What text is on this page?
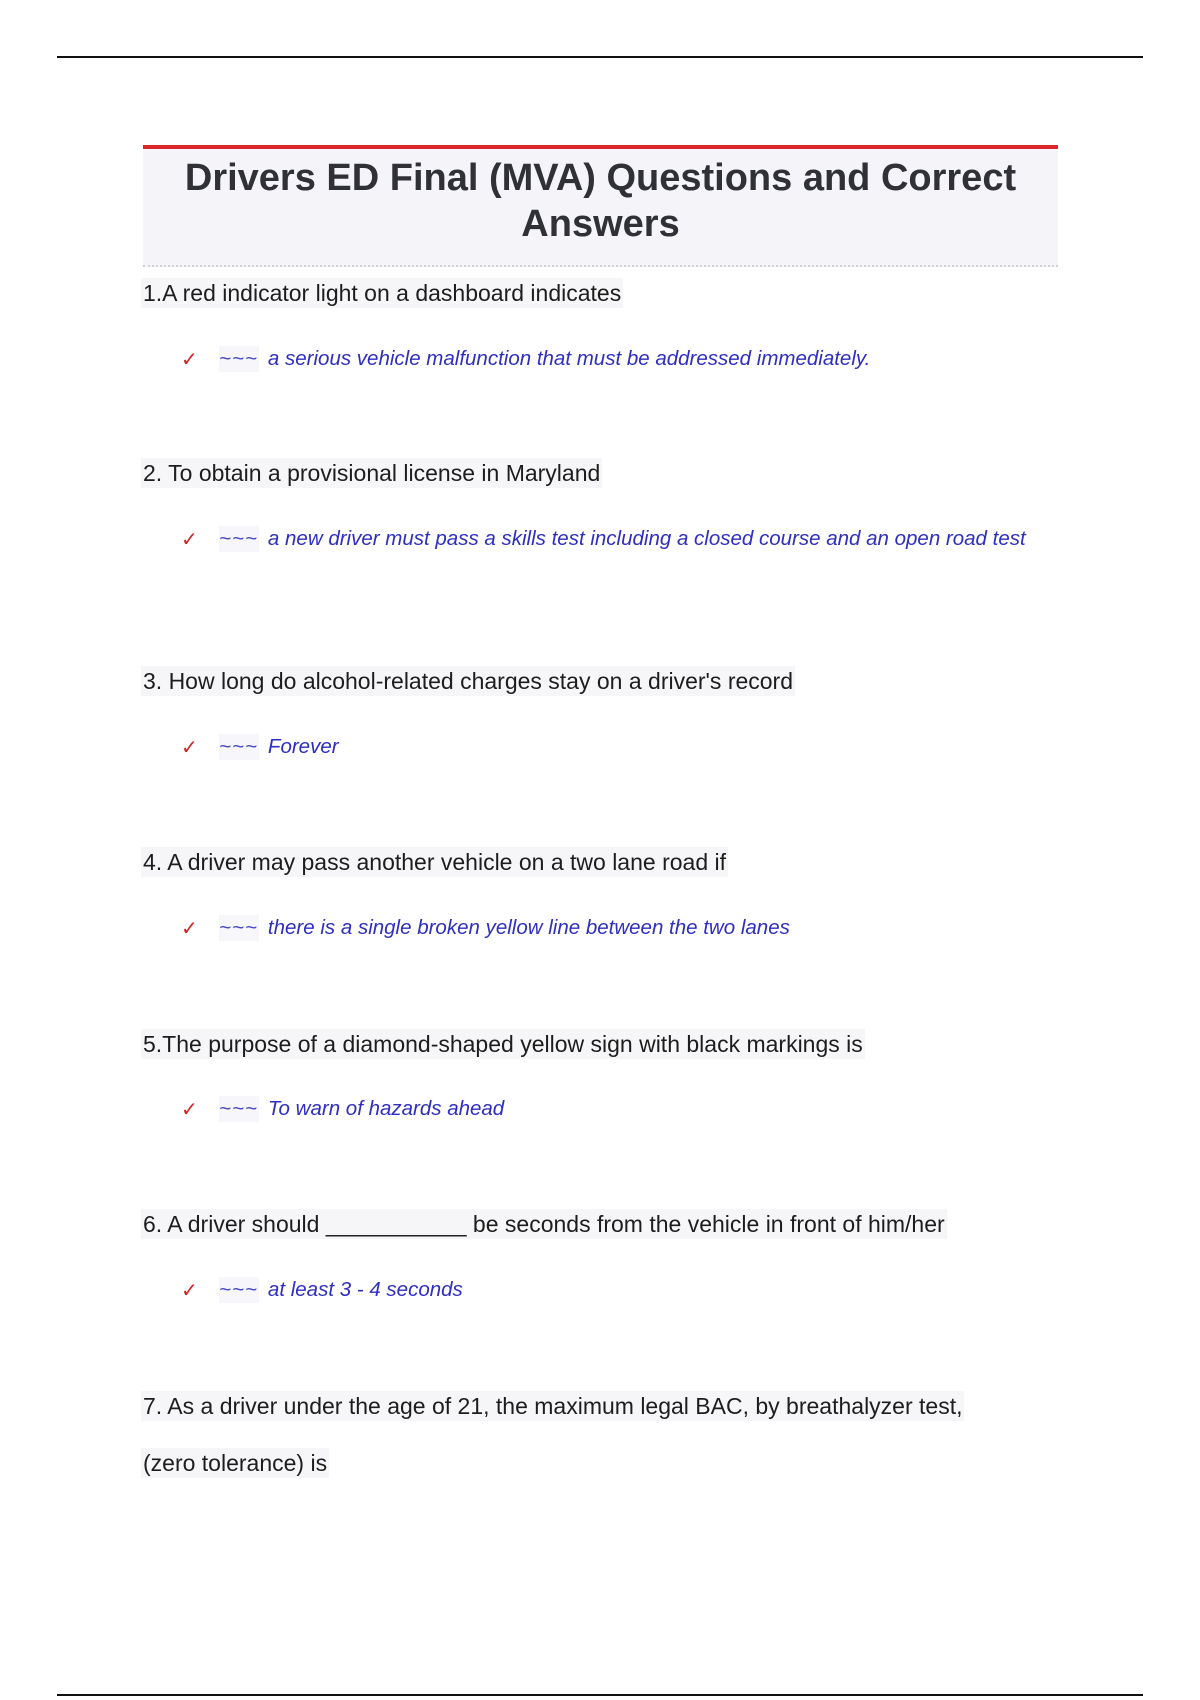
Drivers ED Final (MVA) Questions and Correct Answers
1.A red indicator light on a dashboard indicates
✓	~~~ a serious vehicle malfunction that must be addressed immediately.
2. To obtain a provisional license in Maryland
✓	~~~ a new driver must pass a skills test including a closed course and an open road test
3. How long do alcohol-related charges stay on a driver's record
✓	~~~ Forever
4. A driver may pass another vehicle on a two lane road if
✓	~~~ there is a single broken yellow line between the two lanes
5.The purpose of a diamond-shaped yellow sign with black markings is
✓	~~~ To warn of hazards ahead
6. A driver should ___________ be seconds from the vehicle in front of him/her
✓	~~~ at least 3 - 4 seconds
7. As a driver under the age of 21, the maximum legal BAC, by breathalyzer test,
(zero tolerance) is
